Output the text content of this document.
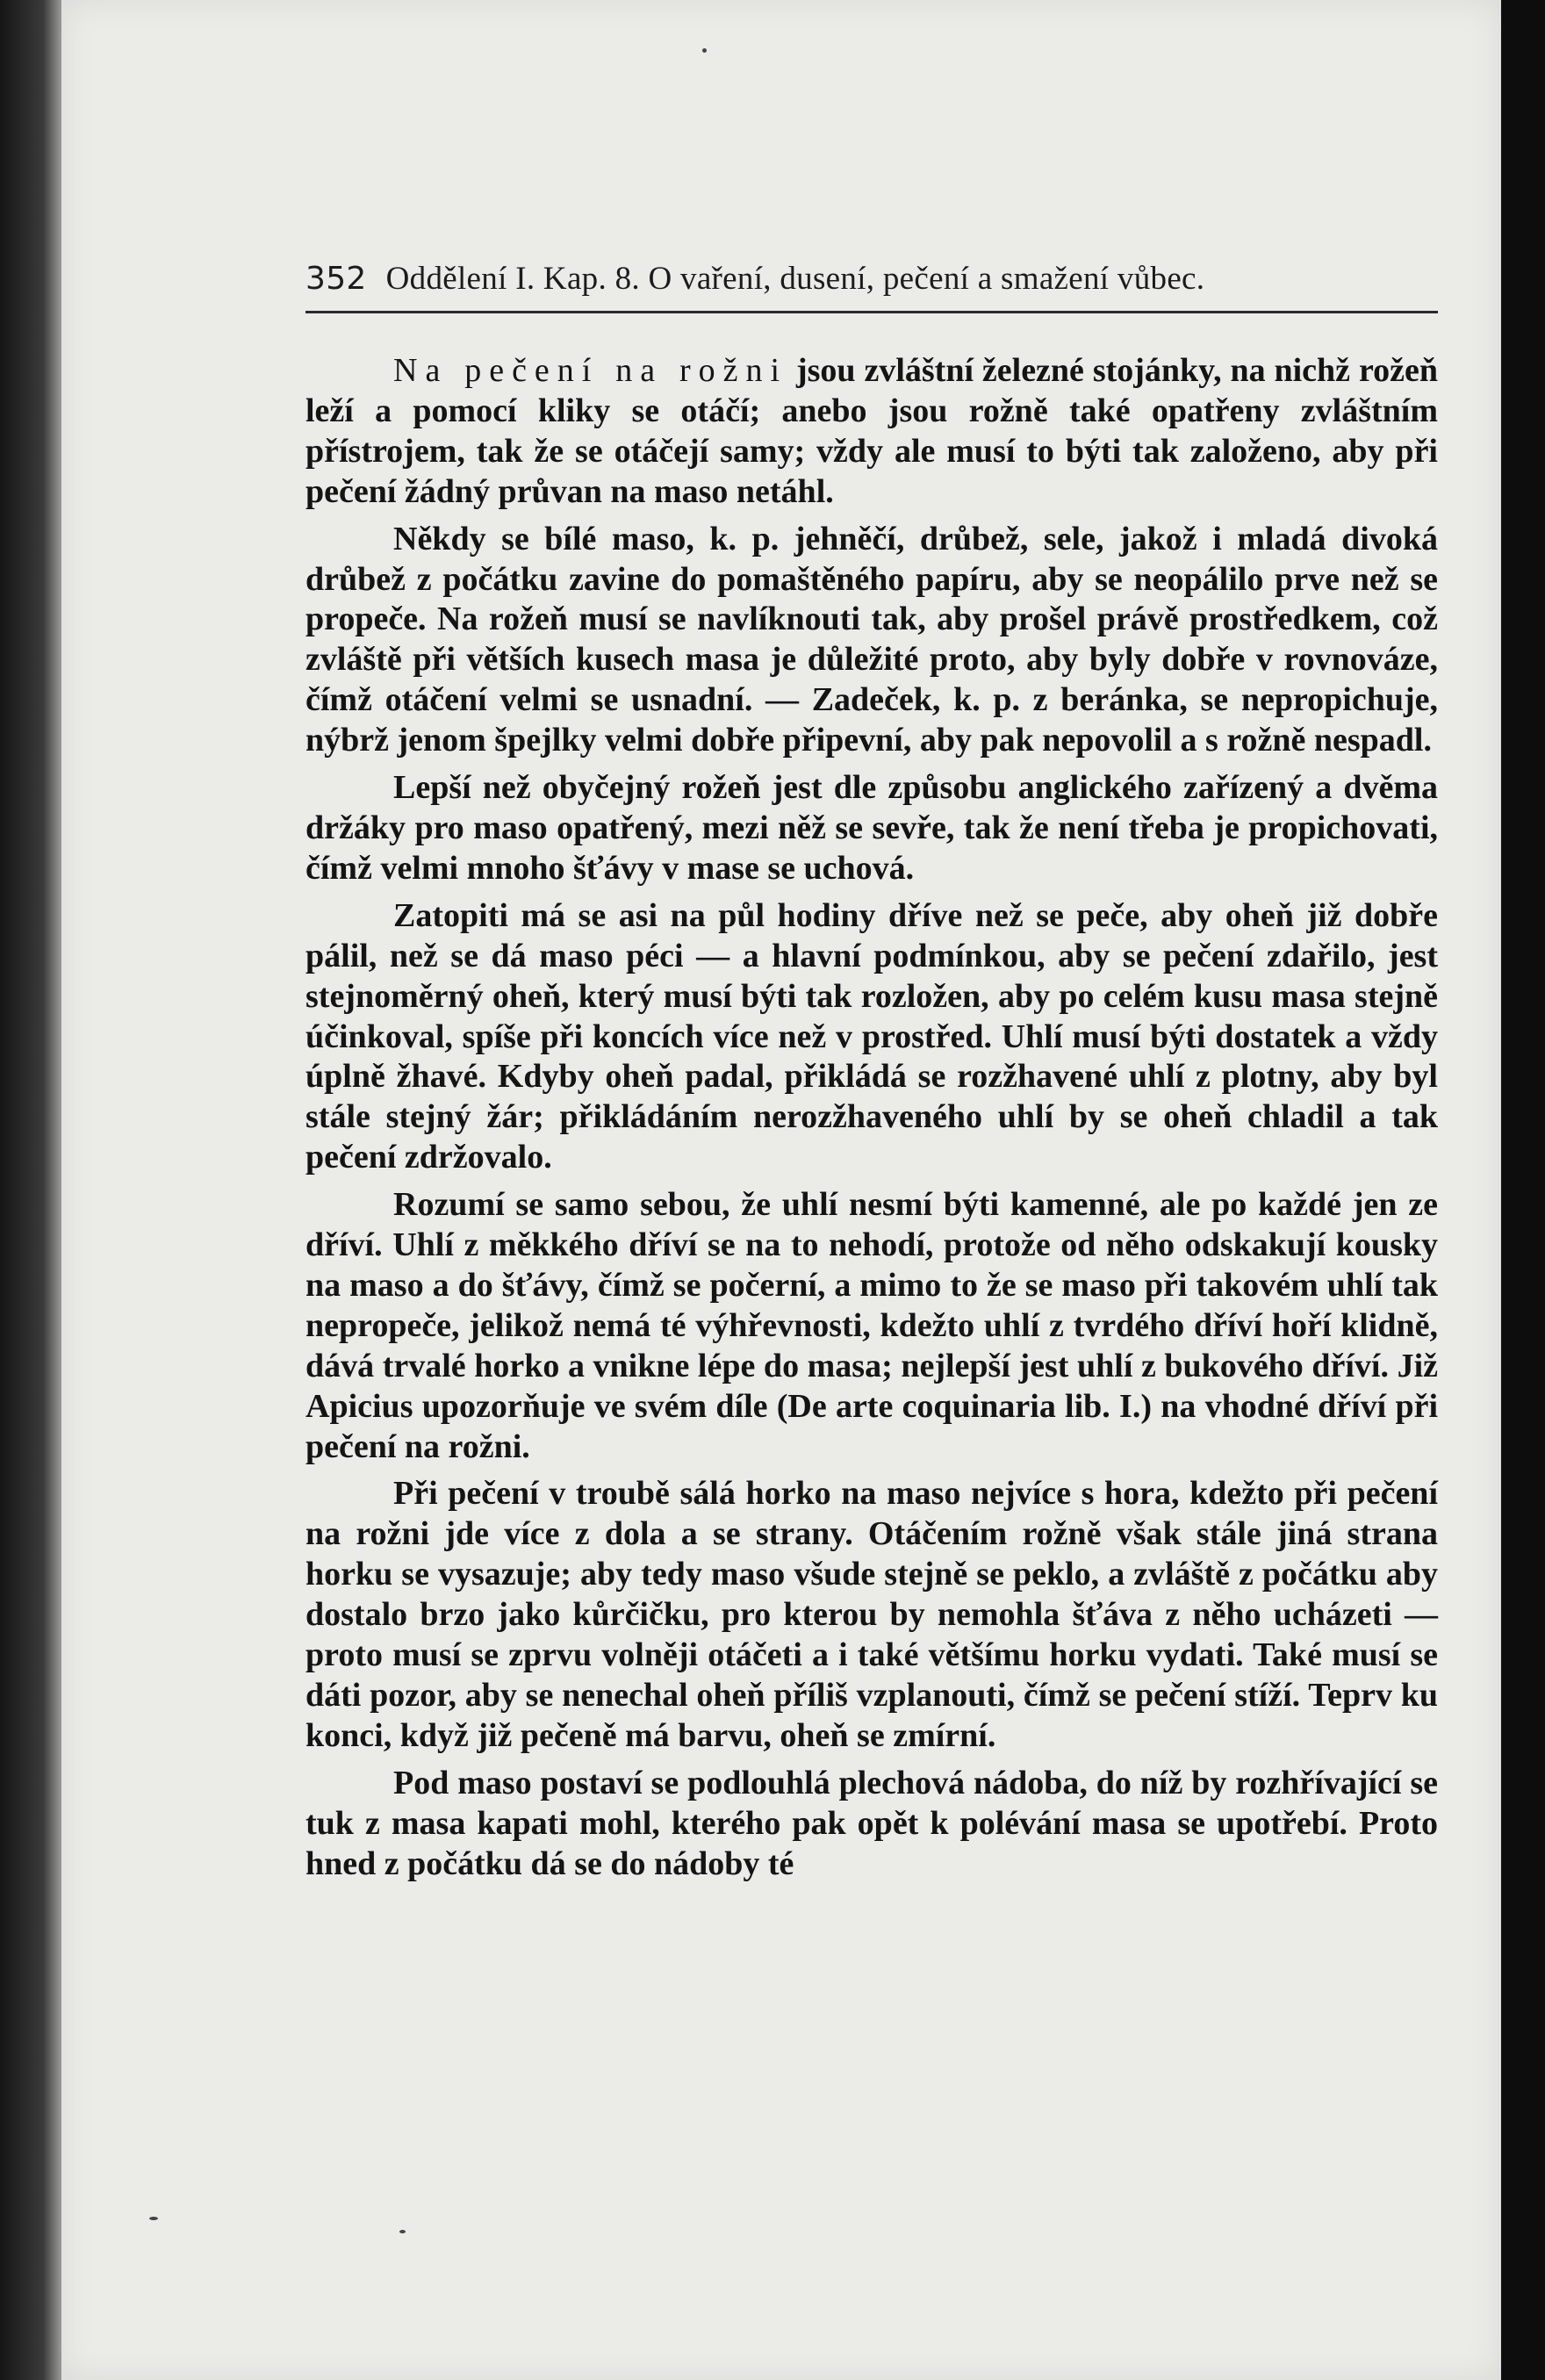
352 Oddělení I. Kap. 8. O vaření, dusení, pečení a smažení vůbec.

Na pečení na rožni jsou zvláštní železné stojánky, na nichž rožeň leží a pomocí kliky se otáčí; anebo jsou rožně také opatřeny zvláštním přístrojem, tak že se otáčejí samy; vždy ale musí to býti tak založeno, aby při pečení žádný průvan na maso netáhl.

Někdy se bílé maso, k. p. jehněčí, drůbež, sele, jakož i mladá divoká drůbež z počátku zavine do pomaštěného papíru, aby se neopálilo prve než se propeče. Na rožeň musí se navlíknouti tak, aby prošel právě prostředkem, což zvláště při větších kusech masa je důležité proto, aby byly dobře v rovnováze, čímž otáčení velmi se usnadní. — Zadeček, k. p. z beránka, se nepropichuje, nýbrž jenom špejlky velmi dobře připevní, aby pak nepovolil a s rožně nespadl.

Lepší než obyčejný rožeň jest dle způsobu anglického zařízený a dvěma držáky pro maso opatřený, mezi něž se sevře, tak že není třeba je propichovati, čímž velmi mnoho šťávy v mase se uchová.

Zatopiti má se asi na půl hodiny dříve než se peče, aby oheň již dobře pálil, než se dá maso péci — a hlavní podmínkou, aby se pečení zdařilo, jest stejnoměrný oheň, který musí býti tak rozložen, aby po celém kusu masa stejně účinkoval, spíše při koncích více než v prostřed. Uhlí musí býti dostatek a vždy úplně žhavé. Kdyby oheň padal, přikládá se rozžhavené uhlí z plotny, aby byl stále stejný žár; přikládáním nerozžhaveného uhlí by se oheň chladil a tak pečení zdržovalo.

Rozumí se samo sebou, že uhlí nesmí býti kamenné, ale po každé jen ze dříví. Uhlí z měkkého dříví se na to nehodí, protože od něho odskakují kousky na maso a do šťávy, čímž se počerní, a mimo to že se maso při takovém uhlí tak nepropeče, jelikož nemá té výhřevnosti, kdežto uhlí z tvrdého dříví hoří klidně, dává trvalé horko a vnikne lépe do masa; nejlepší jest uhlí z bukového dříví. Již Apicius upozorňuje ve svém díle (De arte coquinaria lib. I.) na vhodné dříví při pečení na rožni.

Při pečení v troubě sálá horko na maso nejvíce s hora, kdežto při pečení na rožni jde více z dola a se strany. Otáčením rožně však stále jiná strana horku se vysazuje; aby tedy maso všude stejně se peklo, a zvláště z počátku aby dostalo brzo jako kůrčičku, pro kterou by nemohla šťáva z něho ucházeti — proto musí se zprvu volněji otáčeti a i také většímu horku vydati. Také musí se dáti pozor, aby se nenechal oheň příliš vzplanouti, čímž se pečení stíží. Teprv ku konci, když již pečeně má barvu, oheň se zmírní.

Pod maso postaví se podlouhlá plechová nádoba, do níž by rozhřívající se tuk z masa kapati mohl, kterého pak opět k polévání masa se upotřebí. Proto hned z počátku dá se do nádoby té
